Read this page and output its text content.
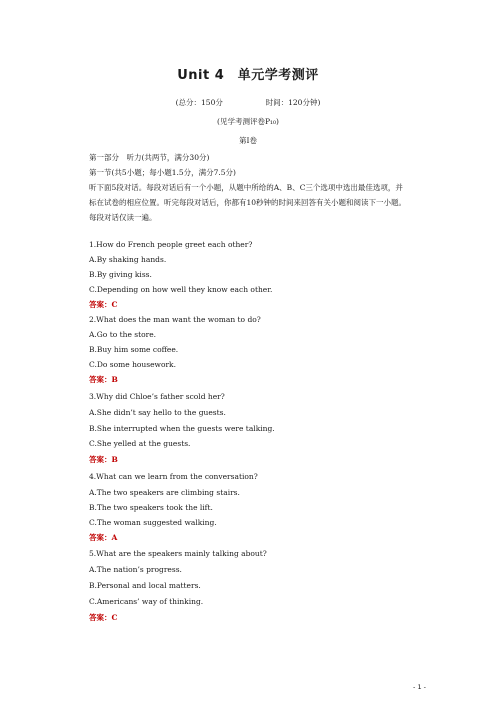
Unit 4　单元学考测评
(总分：150分	时间：120分钟)
(见学考测评卷P₁₀)
第Ⅰ卷
第一部分　听力(共两节，满分30分)
第一节(共5小题；每小题1.5分，满分7.5分)
听下面5段对话。每段对话后有一个小题，从题中所给的A、B、C三个选项中选出最佳选项，并标在试卷的相应位置。听完每段对话后，你都有10秒钟的时间来回答有关小题和阅读下一小题。每段对话仅读一遍。
1.How do French people greet each other?
A.By shaking hands.
B.By giving kiss.
C.Depending on how well they know each other.
答案：C
2.What does the man want the woman to do?
A.Go to the store.
B.Buy him some coffee.
C.Do some housework.
答案：B
3.Why did Chloe’s father scold her?
A.She didn’t say hello to the guests.
B.She interrupted when the guests were talking.
C.She yelled at the guests.
答案：B
4.What can we learn from the conversation?
A.The two speakers are climbing stairs.
B.The two speakers took the lift.
C.The woman suggested walking.
答案：A
5.What are the speakers mainly talking about?
A.The nation’s progress.
B.Personal and local matters.
C.Americans’ way of thinking.
答案：C
- 1 -
